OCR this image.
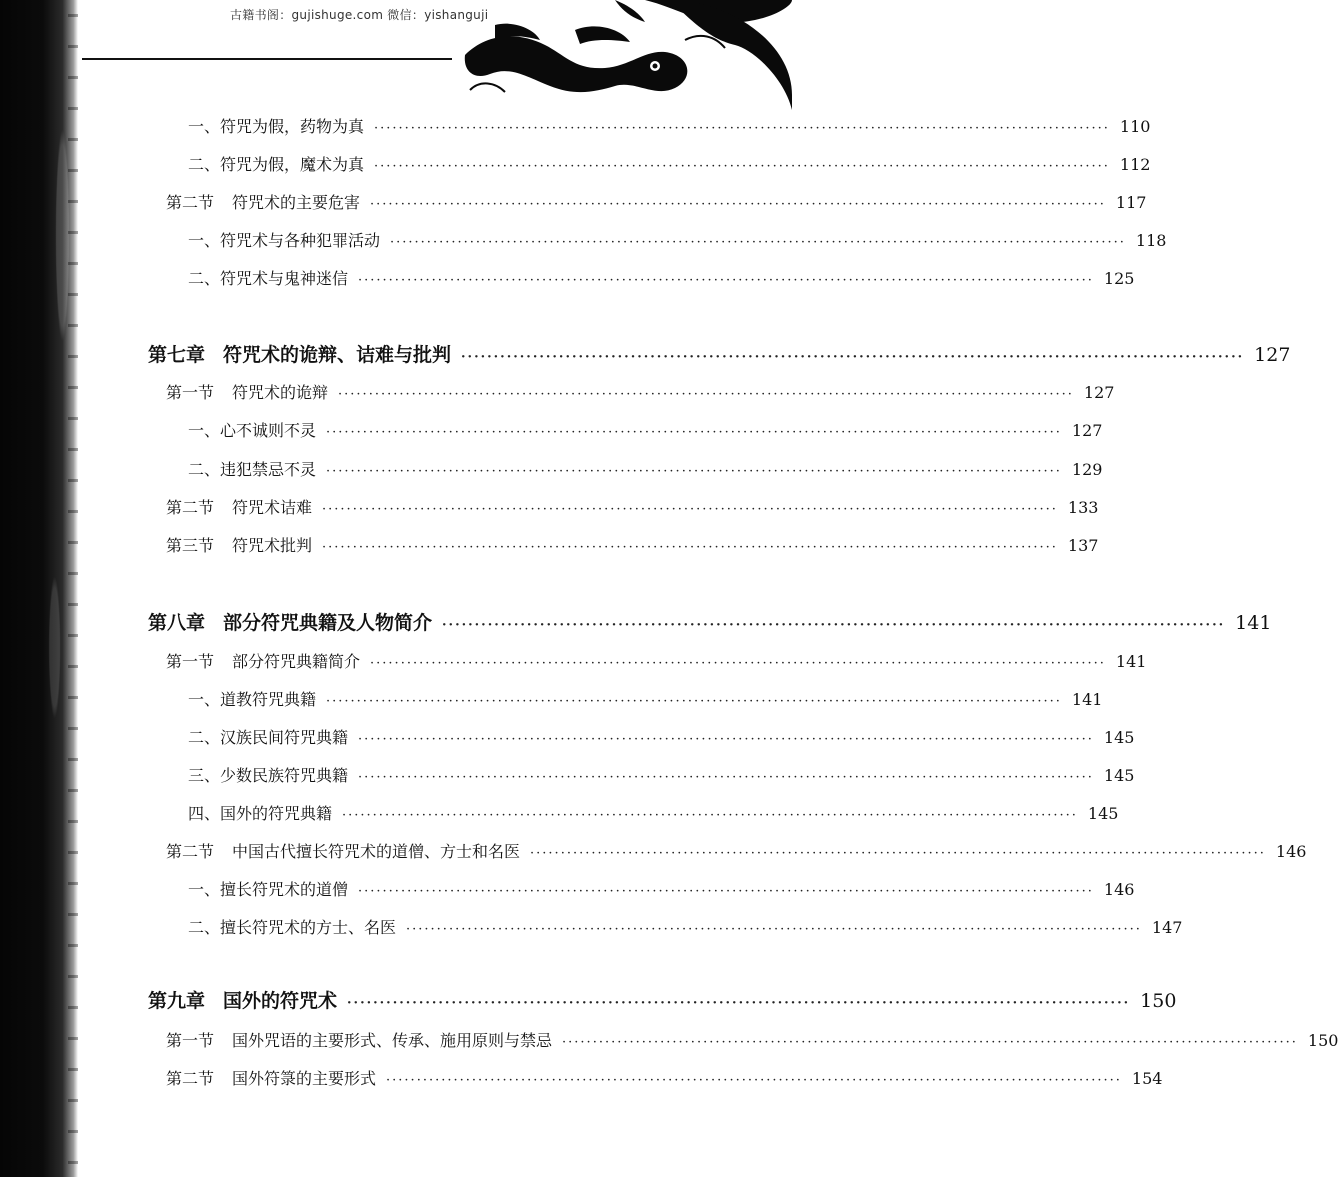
古籍书阁：gujishuge.com 微信：yishanguji
一、符咒为假，药物为真 ························································································································ 110
二、符咒为假，魔术为真 ························································································································ 112
第二节 符咒术的主要危害 ························································································································ 117
一、符咒术与各种犯罪活动 ························································································································ 118
二、符咒术与鬼神迷信 ························································································································ 125
第七章 符咒术的诡辩、诘难与批判 ························································································································ 127
第一节 符咒术的诡辩 ························································································································ 127
一、心不诚则不灵 ························································································································ 127
二、违犯禁忌不灵 ························································································································ 129
第二节 符咒术诘难 ························································································································ 133
第三节 符咒术批判 ························································································································ 137
第八章 部分符咒典籍及人物简介 ························································································································ 141
第一节 部分符咒典籍简介 ························································································································ 141
一、道教符咒典籍 ························································································································ 141
二、汉族民间符咒典籍 ························································································································ 145
三、少数民族符咒典籍 ························································································································ 145
四、国外的符咒典籍 ························································································································ 145
第二节 中国古代擅长符咒术的道僧、方士和名医 ························································································································ 146
一、擅长符咒术的道僧 ························································································································ 146
二、擅长符咒术的方士、名医 ························································································································ 147
第九章 国外的符咒术 ························································································································ 150
第一节 国外咒语的主要形式、传承、施用原则与禁忌 ························································································································ 150
第二节 国外符箓的主要形式 ························································································································ 154
